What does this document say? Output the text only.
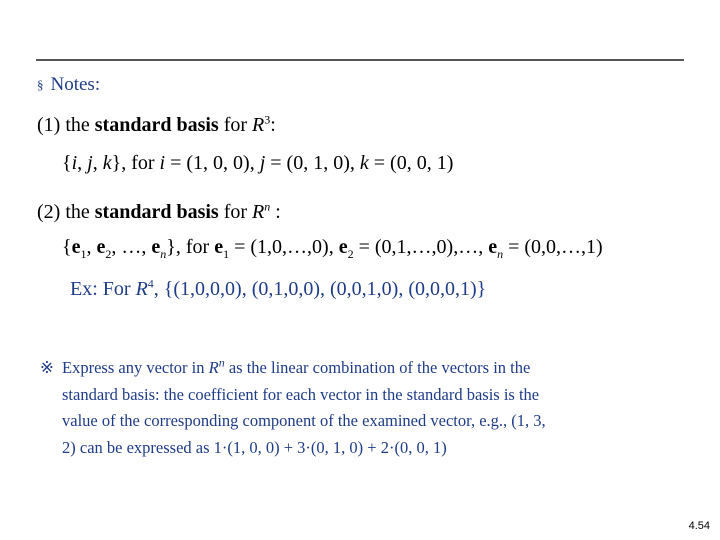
§ Notes:
(1) the standard basis for $R^3$:
{i, j, k}, for i = (1, 0, 0), j = (0, 1, 0), k = (0, 0, 1)
(2) the standard basis for $R^n$ :
{$e_1$, $e_2$, …, $e_n$}, for $e_1$ = (1,0,…,0), $e_2$ = (0,1,…,0),…, $e_n$ = (0,0,…,1)
Ex: For $R^4$, {(1,0,0,0), (0,1,0,0), (0,0,1,0), (0,0,0,1)}
※ Express any vector in $R^n$ as the linear combination of the vectors in the
standard basis: the coefficient for each vector in the standard basis is the
value of the corresponding component of the examined vector, e.g., (1, 3,
2) can be expressed as 1·(1, 0, 0) + 3·(0, 1, 0) + 2·(0, 0, 1)
4.54
